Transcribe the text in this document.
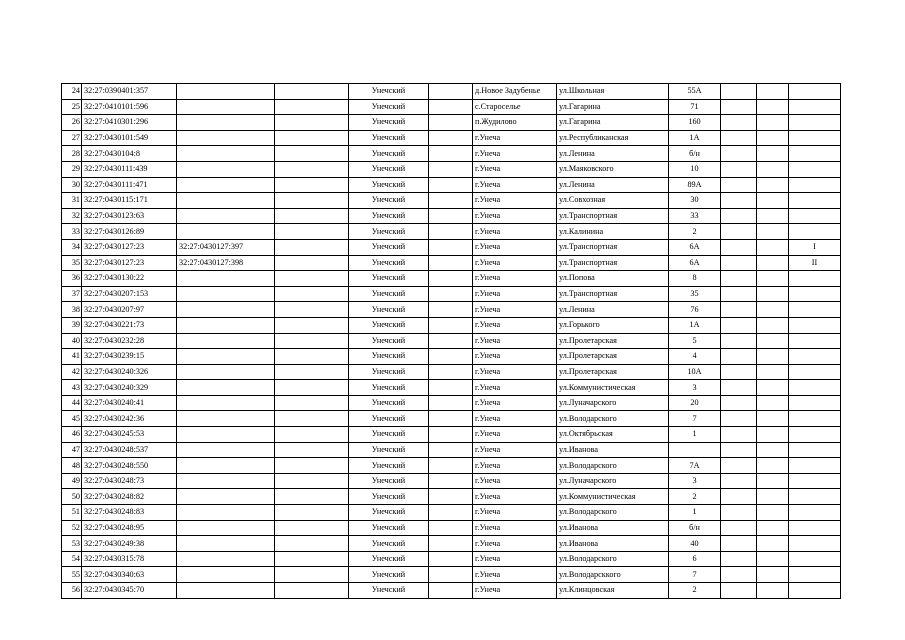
24	32:27:0390401:357			Унечский		д.Новое Задубенье	ул.Школьная	55А			
25	32:27:0410101:596			Унечский		с.Староселье	ул.Гагарина	71			
26	32:27:0410301:296			Унечский		п.Жудилово	ул.Гагарина	160			
27	32:27:0430101:549			Унечский		г.Унеча	ул.Республиканская	1А			
28	32:27:0430104:8			Унечский		г.Унеча	ул.Ленина	б/н			
29	32:27:0430111:439			Унечский		г.Унеча	ул.Маяковского	10			
30	32:27:0430111:471			Унечский		г.Унеча	ул.Ленина	89А			
31	32:27:0430115:171			Унечский		г.Унеча	ул.Совхозная	30			
32	32:27:0430123:63			Унечский		г.Унеча	ул.Транспортная	33			
33	32:27:0430126:89			Унечский		г.Унеча	ул.Калинина	2			
34	32:27:0430127:23	32:27:0430127:397		Унечский		г.Унеча	ул.Транспортная	6А			I
35	32:27:0430127:23	32:27:0430127:398		Унечский		г.Унеча	ул.Транспортная	6А			II
36	32:27:0430130:22			Унечский		г.Унеча	ул.Попова	8			
37	32:27:0430207:153			Унечский		г.Унеча	ул.Транспортная	35			
38	32:27:0430207:97			Унечский		г.Унеча	ул.Ленина	76			
39	32:27:0430221:73			Унечский		г.Унеча	ул.Горького	1А			
40	32:27:0430232:28			Унечский		г.Унеча	ул.Пролетарская	5			
41	32:27:0430239:15			Унечский		г.Унеча	ул.Пролетарская	4			
42	32:27:0430240:326			Унечский		г.Унеча	ул.Пролетарская	10А			
43	32:27:0430240:329			Унечский		г.Унеча	ул.Коммунистическая	3			
44	32:27:0430240:41			Унечский		г.Унеча	ул.Луначарского	20			
45	32:27:0430242:36			Унечский		г.Унеча	ул.Володарского	7			
46	32:27:0430245:53			Унечский		г.Унеча	ул.Октябрьская	1			
47	32:27:0430248:537			Унечский		г.Унеча	ул.Иванова				
48	32:27:0430248:550			Унечский		г.Унеча	ул.Володарского	7А			
49	32:27:0430248:73			Унечский		г.Унеча	ул.Луначарского	3			
50	32:27:0430248:82			Унечский		г.Унеча	ул.Коммунистическая	2			
51	32:27:0430248:83			Унечский		г.Унеча	ул.Володарского	1			
52	32:27:0430248:95			Унечский		г.Унеча	ул.Иванова	б/н			
53	32:27:0430249:38			Унечский		г.Унеча	ул.Иванова	40			
54	32:27:0430315:78			Унечский		г.Унеча	ул.Володарского	6			
55	32:27:0430340:63			Унечский		г.Унеча	ул.Володарсккого	7			
56	32:27:0430345:70			Унечский		г.Унеча	ул.Клинцовская	2			
